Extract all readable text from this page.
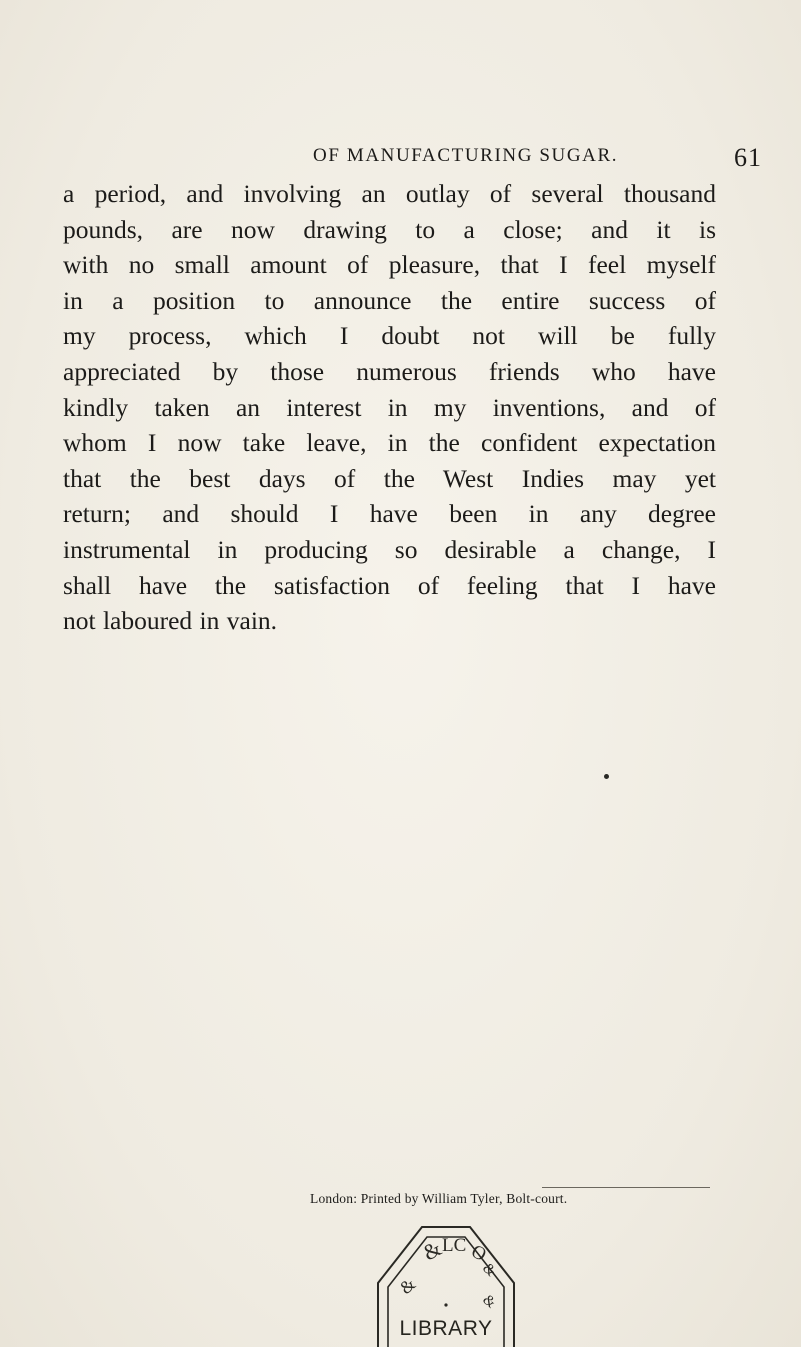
OF MANUFACTURING SUGAR.	61
a period, and involving an outlay of several thousand
pounds, are now drawing to a close; and it is
with no small amount of pleasure, that I feel myself
in a position to announce the entire success of
my process, which I doubt not will be fully
appreciated by those numerous friends who have
kindly taken an interest in my inventions, and of
whom I now take leave, in the confident expectation
that the best days of the West Indies may yet
return; and should I have been in any degree
instrumental in producing so desirable a change, I
shall have the satisfaction of feeling that I have
not laboured in vain.
London: Printed by William Tyler, Bolt-court.
&
LC O
&
&
&
LIBRARY
